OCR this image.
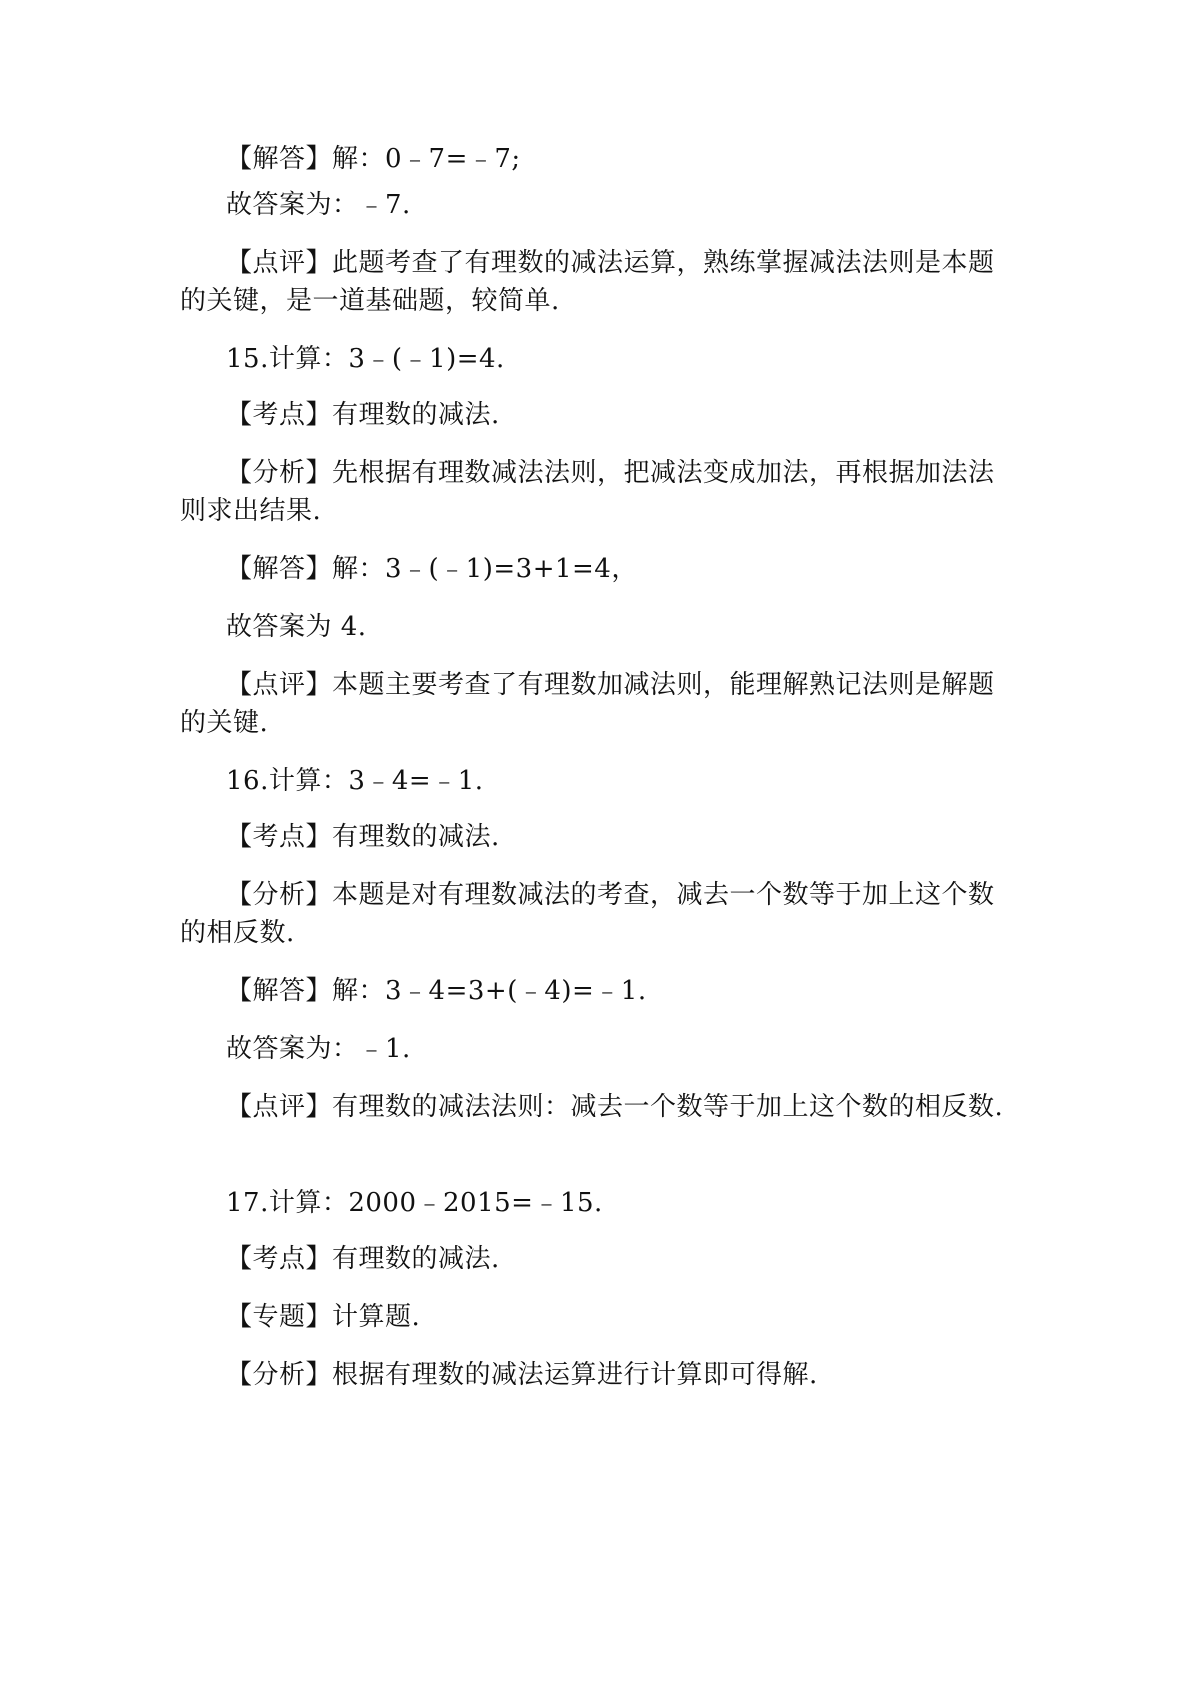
【解答】解：0﹣7=﹣7;
故答案为：﹣7.
【点评】此题考查了有理数的减法运算，熟练掌握减法法则是本题的关键，是一道基础题，较简单.
15.计算：3﹣(﹣1)=4.
【考点】有理数的减法.
【分析】先根据有理数减法法则，把减法变成加法，再根据加法法则求出结果.
【解答】解：3﹣(﹣1)=3+1=4，
故答案为 4.
【点评】本题主要考查了有理数加减法则，能理解熟记法则是解题的关键.
16.计算：3﹣4=﹣1.
【考点】有理数的减法.
【分析】本题是对有理数减法的考查，减去一个数等于加上这个数的相反数.
【解答】解：3﹣4=3+(﹣4)=﹣1.
故答案为：﹣1.
【点评】有理数的减法法则：减去一个数等于加上这个数的相反数.
17.计算：2000﹣2015=﹣15.
【考点】有理数的减法.
【专题】计算题.
【分析】根据有理数的减法运算进行计算即可得解.
